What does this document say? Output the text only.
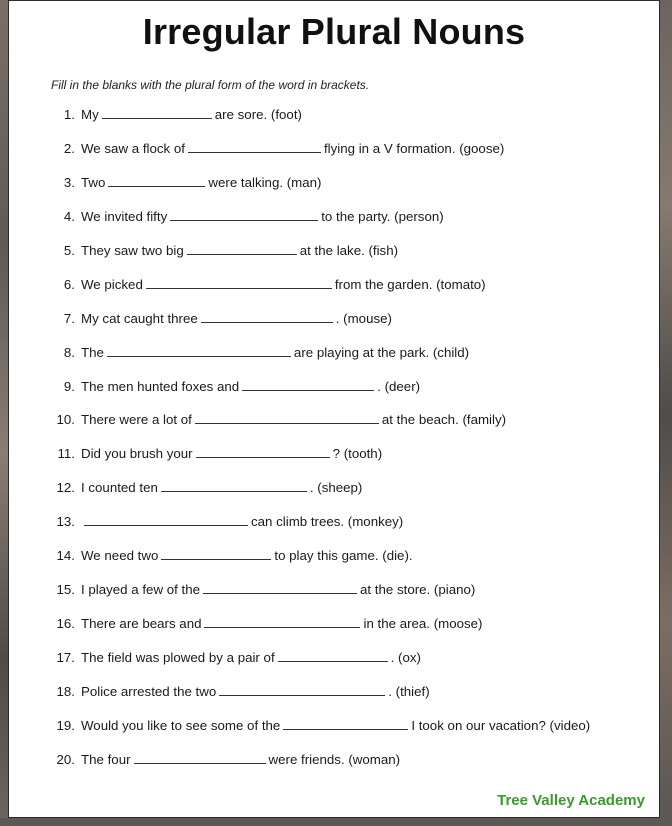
Irregular Plural Nouns
Fill in the blanks with the plural form of the word in brackets.
1. My	are sore. (foot)
2. We saw a flock of	flying in a V formation. (goose)
3. Two	were talking. (man)
4. We invited fifty	to the party. (person)
5. They saw two big	at the lake. (fish)
6. We picked	from the garden. (tomato)
7. My cat caught three	. (mouse)
8. The	are playing at the park. (child)
9. The men hunted foxes and	. (deer)
10. There were a lot of	at the beach. (family)
11. Did you brush your	? (tooth)
12. I counted ten	. (sheep)
13.	can climb trees. (monkey)
14. We need two	to play this game. (die).
15. I played a few of the	at the store. (piano)
16. There are bears and	in the area. (moose)
17. The field was plowed by a pair of	. (ox)
18. Police arrested the two	. (thief)
19. Would you like to see some of the	I took on our vacation? (video)
20. The four	were friends. (woman)
Tree Valley Academy
